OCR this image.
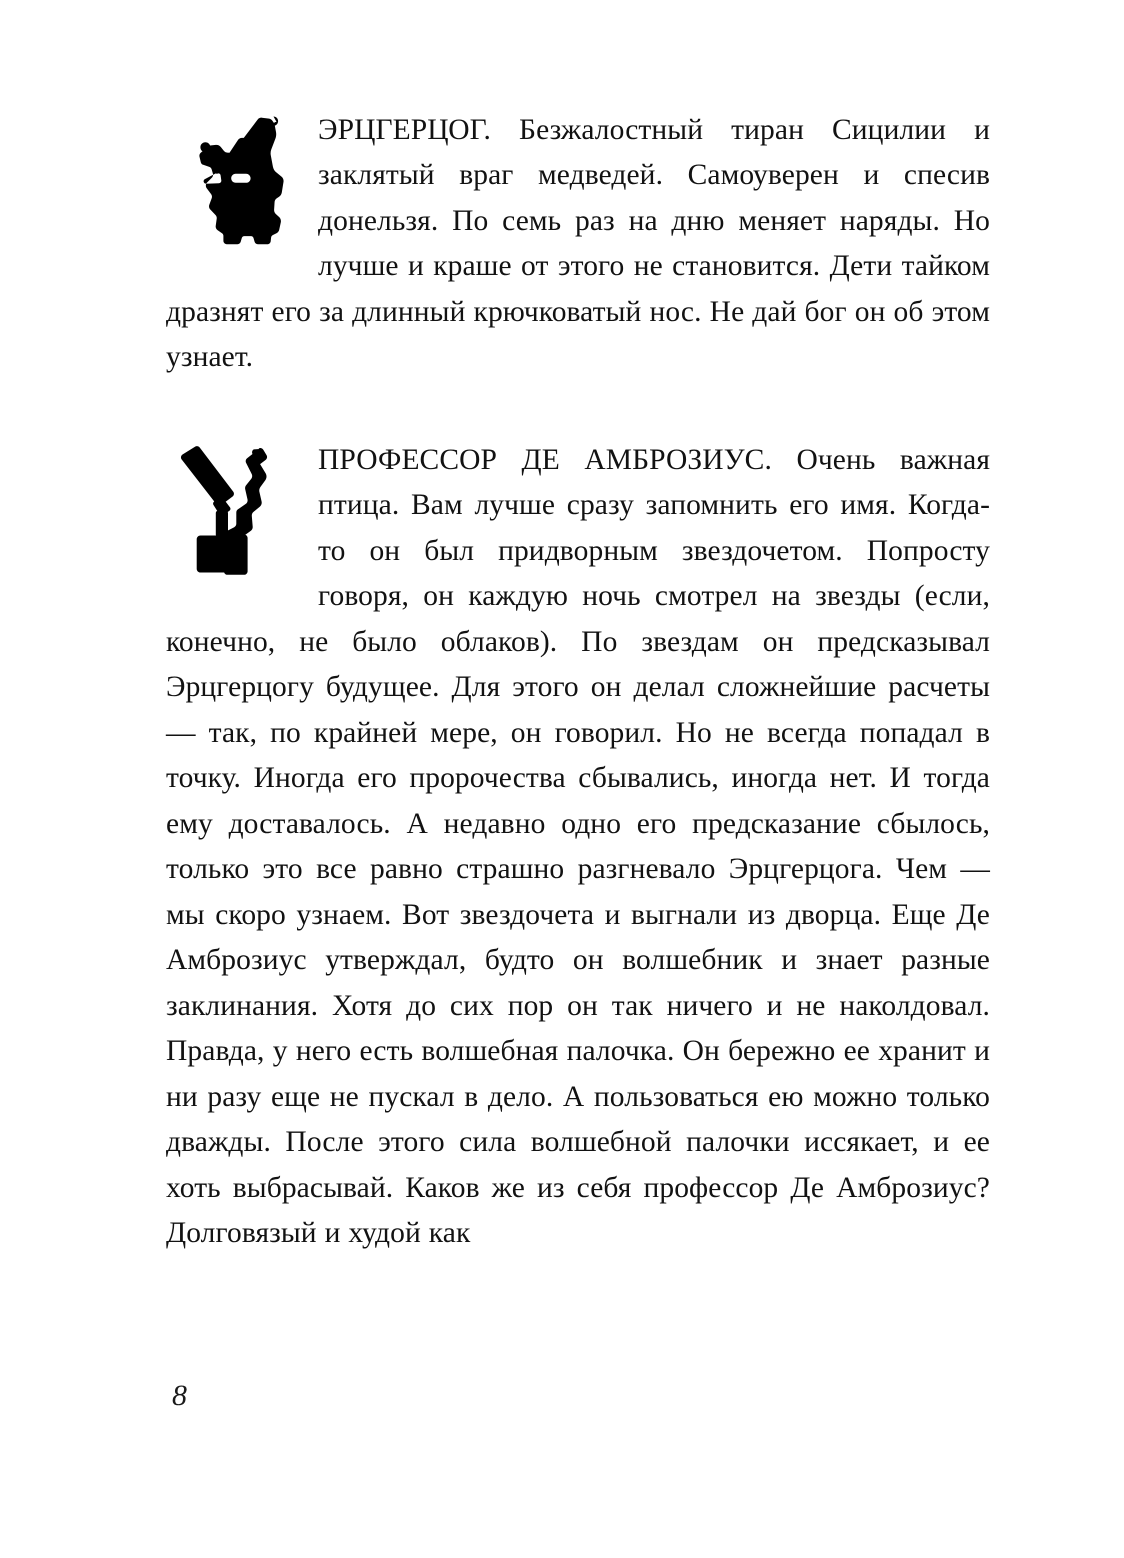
ЭРЦГЕРЦОГ. Безжалостный тиран Сицилии и заклятый враг медведей. Самоуверен и спесив донельзя. По семь раз на дню меняет наряды. Но лучше и краше от этого не становится. Дети тайком дразнят его за длинный крючковатый нос. Не дай бог он об этом узнает.

ПРОФЕССОР ДЕ АМБРОЗИУС. Очень важная птица. Вам лучше сразу запомнить его имя. Когда-то он был придворным звездочетом. Попросту говоря, он каждую ночь смотрел на звезды (если, конечно, не было облаков). По звездам он предсказывал Эрцгерцогу будущее. Для этого он делал сложнейшие расчеты — так, по крайней мере, он говорил. Но не всегда попадал в точку. Иногда его пророчества сбывались, иногда нет. И тогда ему доставалось. А недавно одно его предсказание сбылось, только это все равно страшно разгневало Эрцгерцога. Чем — мы скоро узнаем. Вот звездочета и выгнали из дворца. Еще Де Амброзиус утверждал, будто он волшебник и знает разные заклинания. Хотя до сих пор он так ничего и не наколдовал. Правда, у него есть волшебная палочка. Он бережно ее хранит и ни разу еще не пускал в дело. А пользоваться ею можно только дважды. После этого сила волшебной палочки иссякает, и ее хоть выбрасывай. Каков же из себя профессор Де Амброзиус? Долговязый и худой как

8
